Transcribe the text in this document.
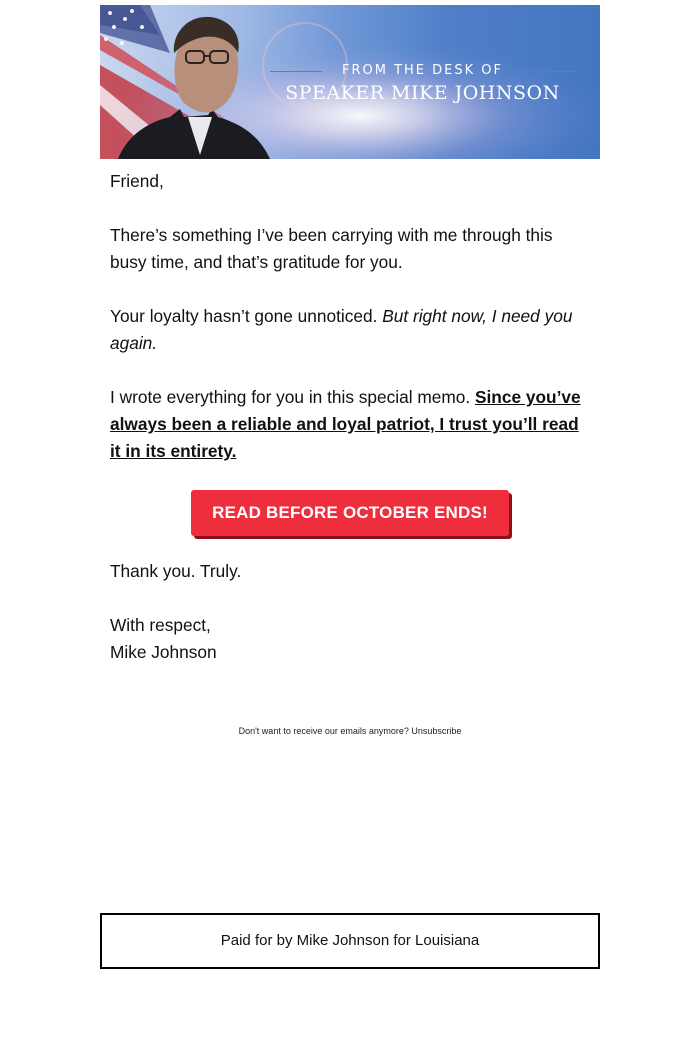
FROM THE DESK OF
SPEAKER MIKE JOHNSON

Friend,

There’s something I’ve been carrying with me through this busy time, and that’s gratitude for you.

Your loyalty hasn’t gone unnoticed. But right now, I need you again.

I wrote everything for you in this special memo. Since you’ve always been a reliable and loyal patriot, I trust you’ll read it in its entirety.

READ BEFORE OCTOBER ENDS!

Thank you. Truly.

With respect,

Mike Johnson

Don't want to receive our emails anymore? Unsubscribe
Paid for by Mike Johnson for Louisiana
